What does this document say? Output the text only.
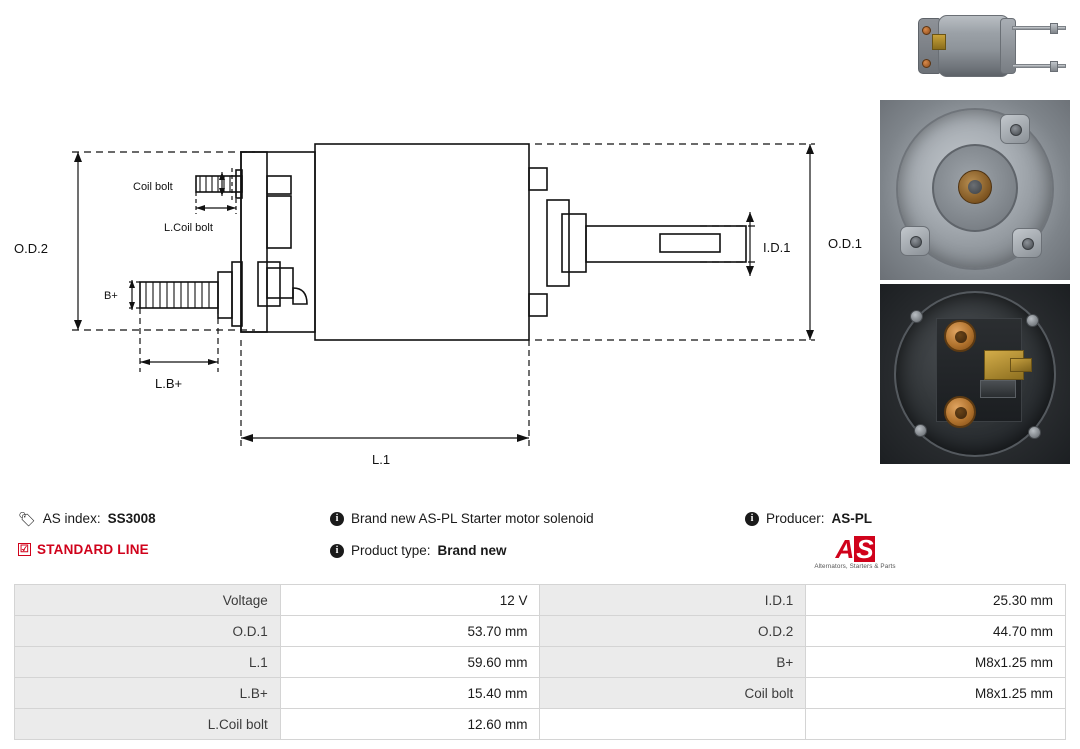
O.D.2	O.D.1
I.D.1
Coil bolt
L.Coil bolt
B+
L.B+
L.1
🏷 AS index: SS3008
☑ STANDARD LINE
i Brand new AS-PL Starter motor solenoid
i Product type: Brand new
i Producer: AS-PL
A S
Alternators, Starters & Parts
Voltage	12 V	I.D.1	25.30 mm
O.D.1	53.70 mm	O.D.2	44.70 mm
L.1	59.60 mm	B+	M8x1.25 mm
L.B+	15.40 mm	Coil bolt	M8x1.25 mm
L.Coil bolt	12.60 mm		
